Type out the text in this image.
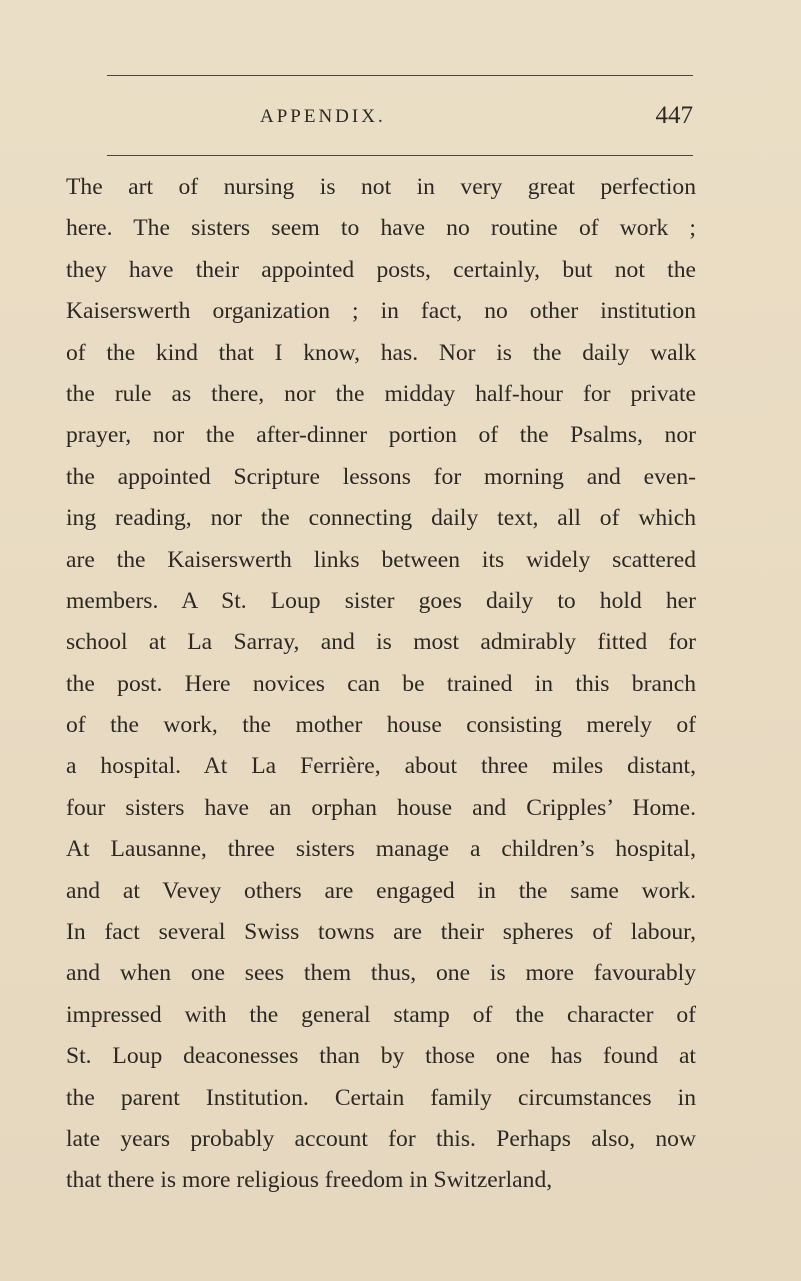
APPENDIX.	447
The art of nursing is not in very great perfection
here. The sisters seem to have no routine of work ;
they have their appointed posts, certainly, but not the
Kaiserswerth organization ; in fact, no other institution
of the kind that I know, has. Nor is the daily walk
the rule as there, nor the midday half-hour for private
prayer, nor the after-dinner portion of the Psalms, nor
the appointed Scripture lessons for morning and even-
ing reading, nor the connecting daily text, all of which
are the Kaiserswerth links between its widely scattered
members. A St. Loup sister goes daily to hold her
school at La Sarray, and is most admirably fitted for
the post. Here novices can be trained in this branch
of the work, the mother house consisting merely of
a hospital. At La Ferrière, about three miles distant,
four sisters have an orphan house and Cripples’ Home.
At Lausanne, three sisters manage a children’s hospital,
and at Vevey others are engaged in the same work.
In fact several Swiss towns are their spheres of labour,
and when one sees them thus, one is more favourably
impressed with the general stamp of the character of
St. Loup deaconesses than by those one has found at
the parent Institution. Certain family circumstances in
late years probably account for this. Perhaps also, now
that there is more religious freedom in Switzerland,
